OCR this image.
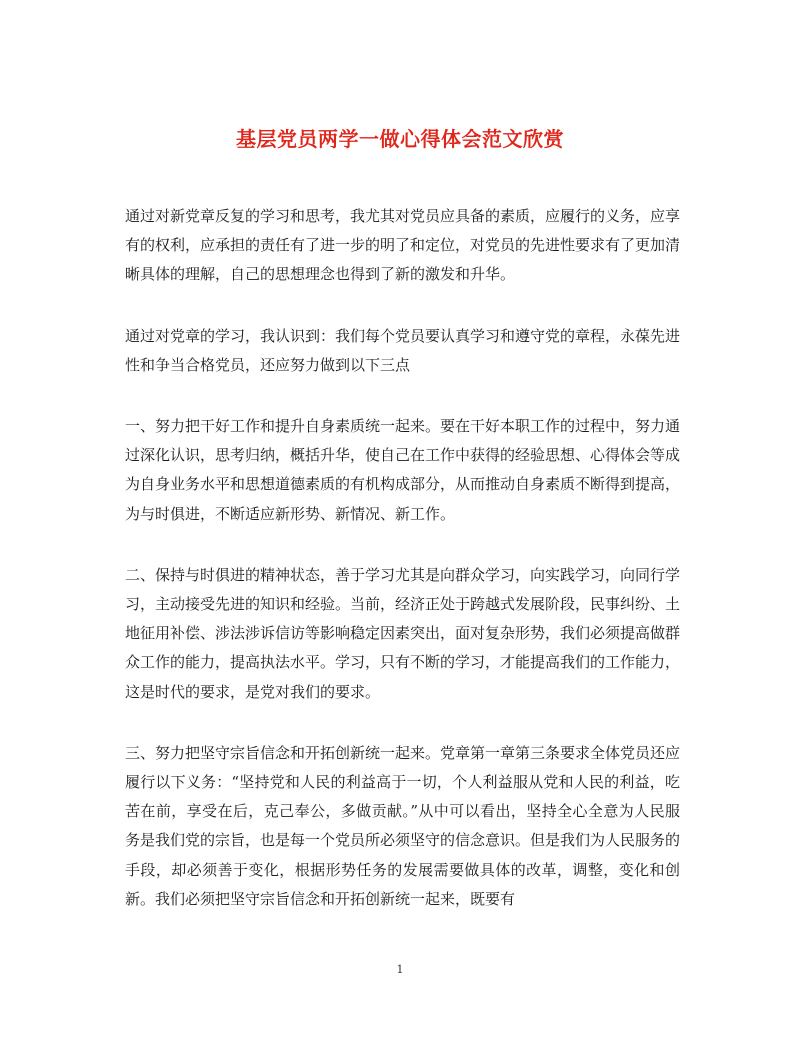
基层党员两学一做心得体会范文欣赏

通过对新党章反复的学习和思考，我尤其对党员应具备的素质，应履行的义务，应享有的权利，应承担的责任有了进一步的明了和定位，对党员的先进性要求有了更加清晰具体的理解，自己的思想理念也得到了新的激发和升华。

通过对党章的学习，我认识到：我们每个党员要认真学习和遵守党的章程，永葆先进性和争当合格党员，还应努力做到以下三点

一、努力把干好工作和提升自身素质统一起来。要在干好本职工作的过程中，努力通过深化认识，思考归纳，概括升华，使自己在工作中获得的经验思想、心得体会等成为自身业务水平和思想道德素质的有机构成部分，从而推动自身素质不断得到提高，为与时俱进，不断适应新形势、新情况、新工作。

二、保持与时俱进的精神状态，善于学习尤其是向群众学习，向实践学习，向同行学习，主动接受先进的知识和经验。当前，经济正处于跨越式发展阶段，民事纠纷、土地征用补偿、涉法涉诉信访等影响稳定因素突出，面对复杂形势，我们必须提高做群众工作的能力，提高执法水平。学习，只有不断的学习，才能提高我们的工作能力，这是时代的要求，是党对我们的要求。

三、努力把坚守宗旨信念和开拓创新统一起来。党章第一章第三条要求全体党员还应履行以下义务：“坚持党和人民的利益高于一切，个人利益服从党和人民的利益，吃苦在前，享受在后，克己奉公，多做贡献。”从中可以看出，坚持全心全意为人民服务是我们党的宗旨，也是每一个党员所必须坚守的信念意识。但是我们为人民服务的手段，却必须善于变化，根据形势任务的发展需要做具体的改革，调整，变化和创新。我们必须把坚守宗旨信念和开拓创新统一起来，既要有

1
